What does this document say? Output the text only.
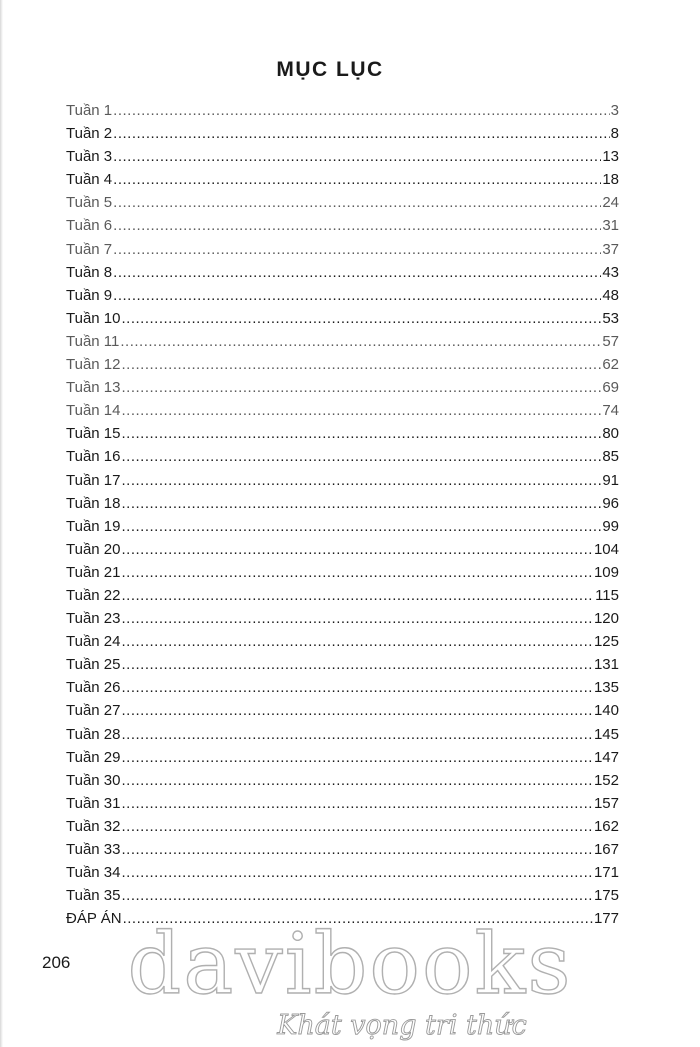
MỤC LỤC
Tuần 1 .....	3
Tuần 2 .....	8
Tuần 3 .....	13
Tuần 4 .....	18
Tuần 5 .....	24
Tuần 6 .....	31
Tuần 7 .....	37
Tuần 8 .....	43
Tuần 9 .....	48
Tuần 10 .....	53
Tuần 11 .....	57
Tuần 12 .....	62
Tuần 13 .....	69
Tuần 14 .....	74
Tuần 15 .....	80
Tuần 16 .....	85
Tuần 17 .....	91
Tuần 18 .....	96
Tuần 19 .....	99
Tuần 20 .....	104
Tuần 21 .....	109
Tuần 22 .....	115
Tuần 23 .....	120
Tuần 24 .....	125
Tuần 25 .....	131
Tuần 26 .....	135
Tuần 27 .....	140
Tuần 28 .....	145
Tuần 29 .....	147
Tuần 30 .....	152
Tuần 31 .....	157
Tuần 32 .....	162
Tuần 33 .....	167
Tuần 34 .....	171
Tuần 35 .....	175
ĐÁP ÁN .....	177
206 davibooks
Khát vọng tri thức
